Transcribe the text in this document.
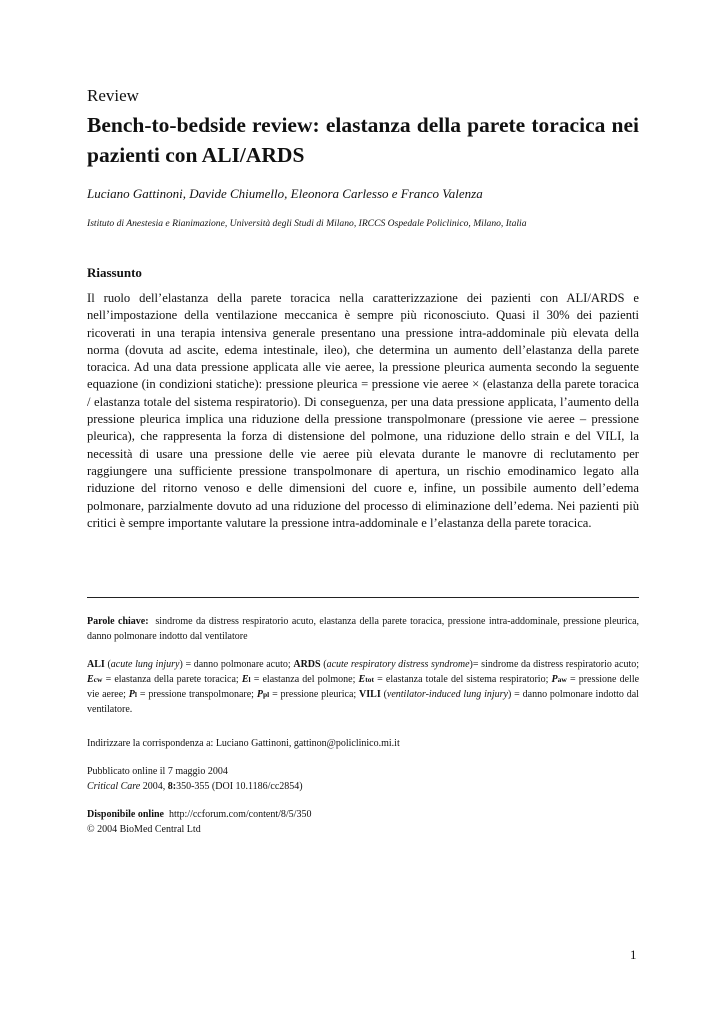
Review
Bench-to-bedside review: elastanza della parete toracica nei pazienti con ALI/ARDS
Luciano Gattinoni, Davide Chiumello, Eleonora Carlesso e Franco Valenza
Istituto di Anestesia e Rianimazione, Università degli Studi di Milano, IRCCS Ospedale Policlinico, Milano, Italia
Riassunto

Il ruolo dell’elastanza della parete toracica nella caratterizzazione dei pazienti con ALI/ARDS e nell’impostazione della ventilazione meccanica è sempre più riconosciuto. Quasi il 30% dei pazienti ricoverati in una terapia intensiva generale presentano una pressione intra-addominale più elevata della norma (dovuta ad ascite, edema intestinale, ileo), che determina un aumento dell’elastanza della parete toracica. Ad una data pressione applicata alle vie aeree, la pressione pleurica aumenta secondo la seguente equazione (in condizioni statiche): pressione pleurica = pressione vie aeree × (elastanza della parete toracica / elastanza totale del sistema respiratorio). Di conseguenza, per una data pressione applicata, l’aumento della pressione pleurica implica una riduzione della pressione transpolmonare (pressione vie aeree – pressione pleurica), che rappresenta la forza di distensione del polmone, una riduzione dello strain e del VILI, la necessità di usare una pressione delle vie aeree più elevata durante le manovre di reclutamento per raggiungere una sufficiente pressione transpolmonare di apertura, un rischio emodinamico legato alla riduzione del ritorno venoso e delle dimensioni del cuore e, infine, un possibile aumento dell’edema polmonare, parzialmente dovuto ad una riduzione del processo di eliminazione dell’edema. Nei pazienti più critici è sempre importante valutare la pressione intra-addominale e l’elastanza della parete toracica.

Parole chiave: sindrome da distress respiratorio acuto, elastanza della parete toracica, pressione intra-addominale, pressione pleurica, danno polmonare indotto dal ventilatore

ALI (acute lung injury) = danno polmonare acuto; ARDS (acute respiratory distress syndrome)= sindrome da distress respiratorio acuto; Ecw = elastanza della parete toracica; El = elastanza del polmone; Etot = elastanza totale del sistema respiratorio; Paw = pressione delle vie aeree; Pl = pressione transpolmonare; Ppl = pressione pleurica; VILI (ventilator-induced lung injury) = danno polmonare indotto dal ventilatore.

Indirizzare la corrispondenza a: Luciano Gattinoni, gattinon@policlinico.mi.it

Pubblicato online il 7 maggio 2004
Critical Care 2004, 8:350-355 (DOI 10.1186/cc2854)

Disponibile online http://ccforum.com/content/8/5/350
© 2004 BioMed Central Ltd

1
